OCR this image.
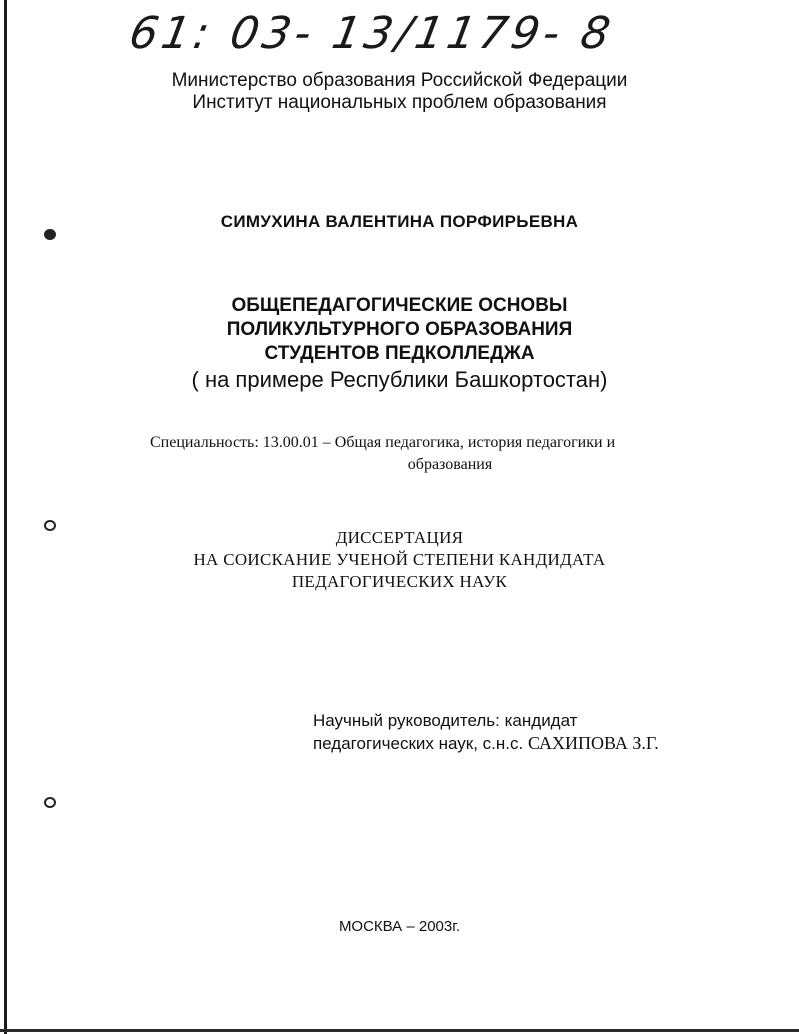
61: 03- 13/1179- 8
Министерство образования Российской Федерации
Институт национальных проблем образования
СИМУХИНА ВАЛЕНТИНА ПОРФИРЬЕВНА
ОБЩЕПЕДАГОГИЧЕСКИЕ ОСНОВЫ
ПОЛИКУЛЬТУРНОГО ОБРАЗОВАНИЯ
СТУДЕНТОВ ПЕДКОЛЛЕДЖА
( на примере Республики Башкортостан)
Специальность: 13.00.01 – Общая педагогика, история педагогики и
образования
ДИССЕРТАЦИЯ
НА СОИСКАНИЕ УЧЕНОЙ СТЕПЕНИ КАНДИДАТА
ПЕДАГОГИЧЕСКИХ НАУК
Научный руководитель: кандидат
педагогических наук, с.н.с. САХИПОВА З.Г.
МОСКВА – 2003г.
